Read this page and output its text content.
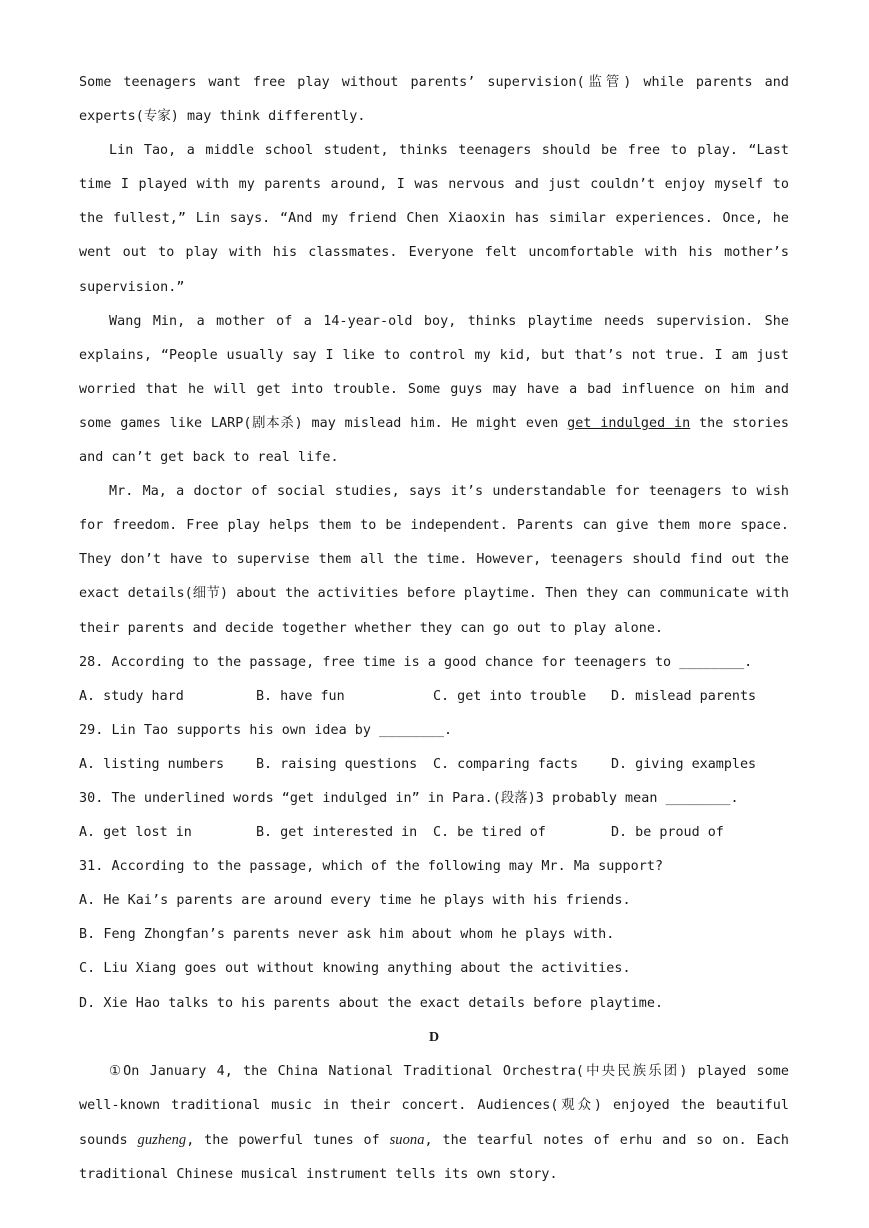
Some teenagers want free play without parents’ supervision(监管) while parents and experts(专家) may think differently.

Lin Tao, a middle school student, thinks teenagers should be free to play. “Last time I played with my parents around, I was nervous and just couldn’t enjoy myself to the fullest,” Lin says. “And my friend Chen Xiaoxin has similar experiences. Once, he went out to play with his classmates. Everyone felt uncomfortable with his mother’s supervision.”

Wang Min, a mother of a 14-year-old boy, thinks playtime needs supervision. She explains, “People usually say I like to control my kid, but that’s not true. I am just worried that he will get into trouble. Some guys may have a bad influence on him and some games like LARP(剧本杀) may mislead him. He might even get indulged in the stories and can’t get back to real life.

Mr. Ma, a doctor of social studies, says it’s understandable for teenagers to wish for freedom. Free play helps them to be independent. Parents can give them more space. They don’t have to supervise them all the time. However, teenagers should find out the exact details(细节) about the activities before playtime. Then they can communicate with their parents and decide together whether they can go out to play alone.

28. According to the passage, free time is a good chance for teenagers to ________.

A. study hard	B. have fun	C. get into trouble	D. mislead parents

29. Lin Tao supports his own idea by ________.

A. listing numbers	B. raising questions	C. comparing facts	D. giving examples

30. The underlined words “get indulged in” in Para.(段落)3 probably mean ________.

A. get lost in	B. get interested in	C. be tired of	D. be proud of

31. According to the passage, which of the following may Mr. Ma support?

A. He Kai’s parents are around every time he plays with his friends.

B. Feng Zhongfan’s parents never ask him about whom he plays with.

C. Liu Xiang goes out without knowing anything about the activities.

D. Xie Hao talks to his parents about the exact details before playtime.

D

①On January 4, the China National Traditional Orchestra(中央民族乐团) played some well-known traditional music in their concert. Audiences(观众) enjoyed the beautiful sounds guzheng, the powerful tunes of suona, the tearful notes of erhu and so on. Each traditional Chinese musical instrument tells its own story.
